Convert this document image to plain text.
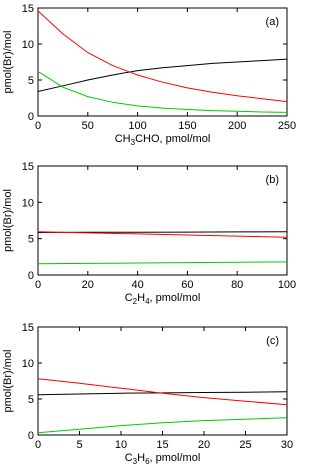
0	50	100	150	200	250
0
5
10
15
(a)
pmol(Br)/mol
$CH_3CHO$, pmol/mol
0	20	40	60	80	100
0
5
10
15
(b)
pmol(Br)/mol
$C_2H_4$, pmol/mol
0	5	10	15	20	25	30
0
5
10
15
(c)
pmol(Br)/mol
$C_3H_6$, pmol/mol
